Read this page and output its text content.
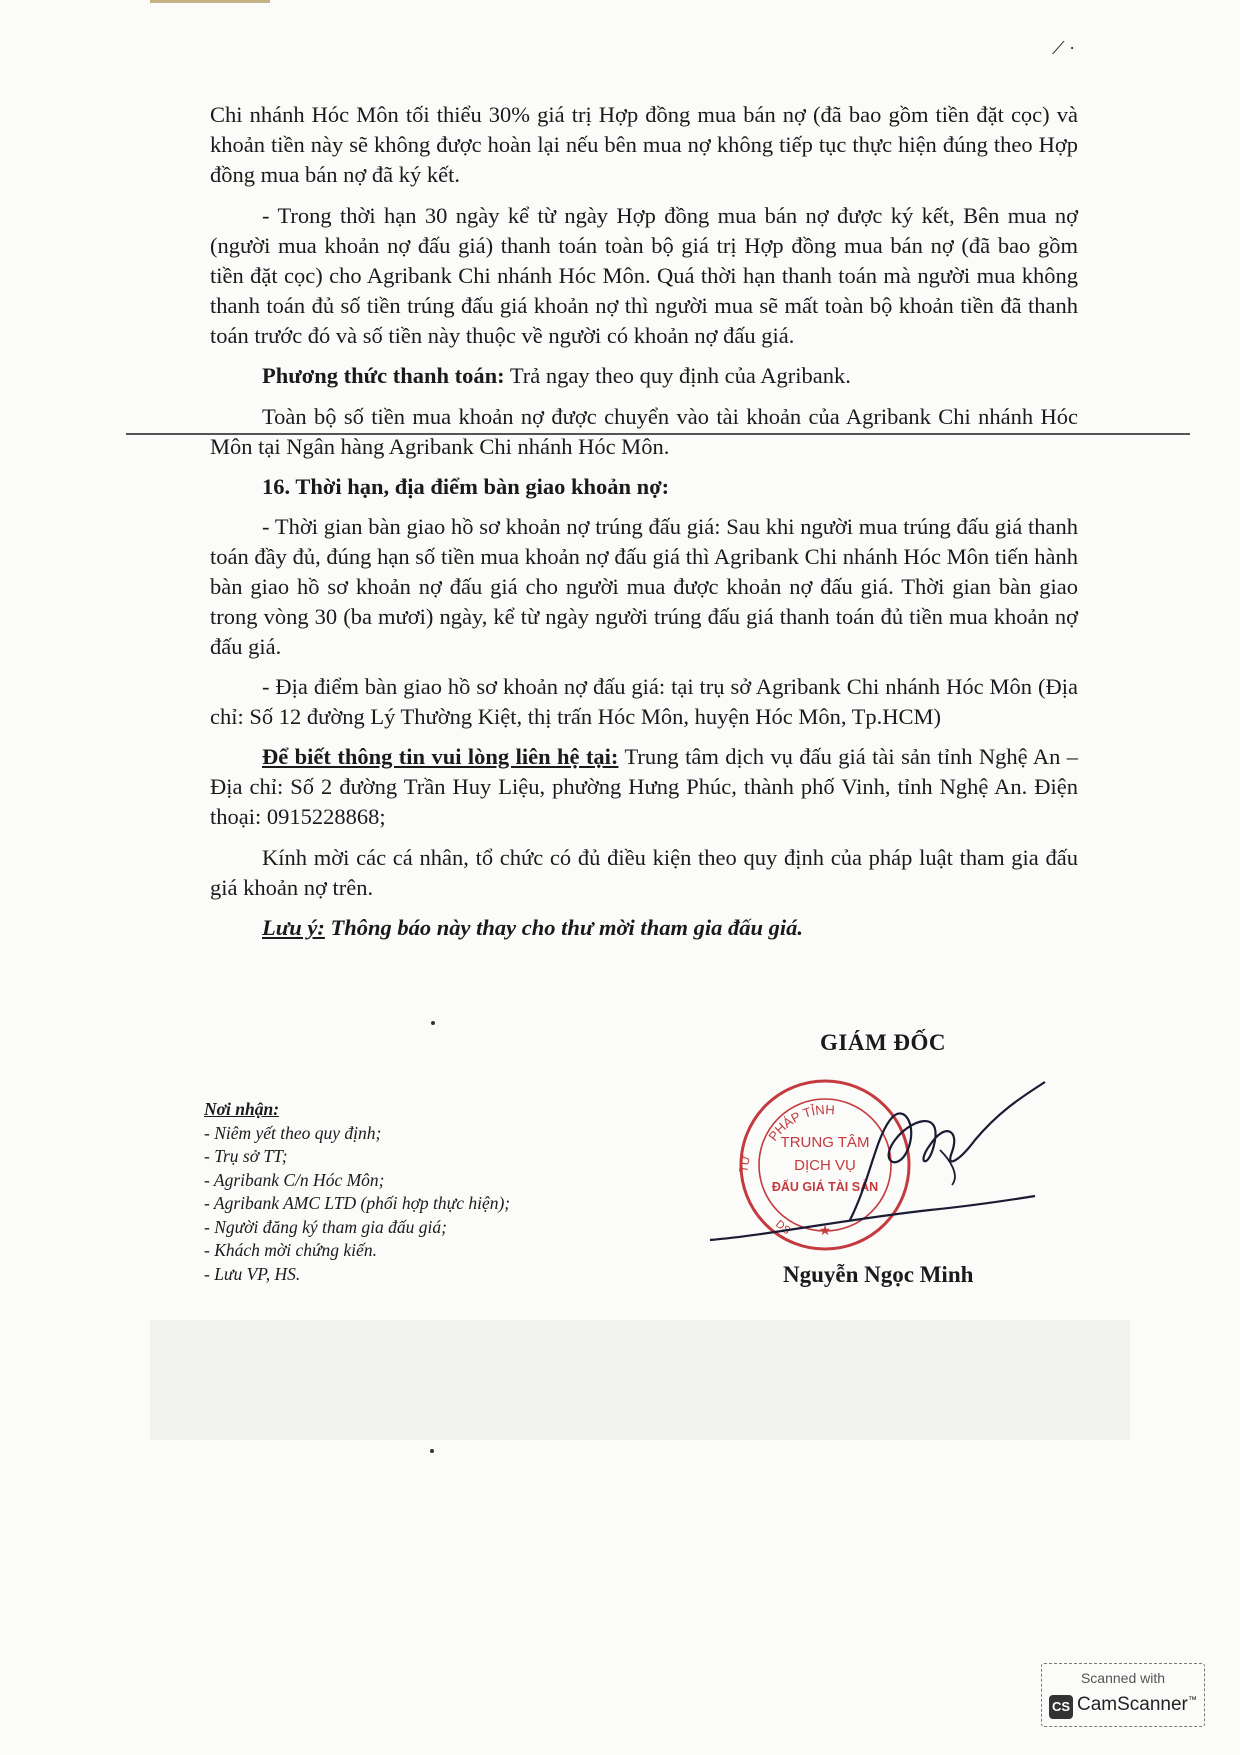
⟋ ·

Chi nhánh Hóc Môn tối thiểu 30% giá trị Hợp đồng mua bán nợ (đã bao gồm tiền đặt cọc) và khoản tiền này sẽ không được hoàn lại nếu bên mua nợ không tiếp tục thực hiện đúng theo Hợp đồng mua bán nợ đã ký kết.

- Trong thời hạn 30 ngày kể từ ngày Hợp đồng mua bán nợ được ký kết, Bên mua nợ (người mua khoản nợ đấu giá) thanh toán toàn bộ giá trị Hợp đồng mua bán nợ (đã bao gồm tiền đặt cọc) cho Agribank Chi nhánh Hóc Môn. Quá thời hạn thanh toán mà người mua không thanh toán đủ số tiền trúng đấu giá khoản nợ thì người mua sẽ mất toàn bộ khoản tiền đã thanh toán trước đó và số tiền này thuộc về người có khoản nợ đấu giá.

Phương thức thanh toán: Trả ngay theo quy định của Agribank.

Toàn bộ số tiền mua khoản nợ được chuyển vào tài khoản của Agribank Chi nhánh Hóc Môn tại Ngân hàng Agribank Chi nhánh Hóc Môn.

16. Thời hạn, địa điểm bàn giao khoản nợ:

- Thời gian bàn giao hồ sơ khoản nợ trúng đấu giá: Sau khi người mua trúng đấu giá thanh toán đầy đủ, đúng hạn số tiền mua khoản nợ đấu giá thì Agribank Chi nhánh Hóc Môn tiến hành bàn giao hồ sơ khoản nợ đấu giá cho người mua được khoản nợ đấu giá. Thời gian bàn giao trong vòng 30 (ba mươi) ngày, kể từ ngày người trúng đấu giá thanh toán đủ tiền mua khoản nợ đấu giá.

- Địa điểm bàn giao hồ sơ khoản nợ đấu giá: tại trụ sở Agribank Chi nhánh Hóc Môn (Địa chỉ: Số 12 đường Lý Thường Kiệt, thị trấn Hóc Môn, huyện Hóc Môn, Tp.HCM)

Để biết thông tin vui lòng liên hệ tại: Trung tâm dịch vụ đấu giá tài sản tỉnh Nghệ An – Địa chỉ: Số 2 đường Trần Huy Liệu, phường Hưng Phúc, thành phố Vinh, tỉnh Nghệ An. Điện thoại: 0915228868;

Kính mời các cá nhân, tổ chức có đủ điều kiện theo quy định của pháp luật tham gia đấu giá khoản nợ trên.

Lưu ý: Thông báo này thay cho thư mời tham gia đấu giá.

GIÁM ĐỐC
Nơi nhận:
- Niêm yết theo quy định;
- Trụ sở TT;
- Agribank C/n Hóc Môn;
- Agribank AMC LTD (phối hợp thực hiện);
- Người đăng ký tham gia đấu giá;
- Khách mời chứng kiến.
- Lưu VP, HS.
PHÁP TỈNH
TƯ
TRUNG TÂM
DỊCH VỤ
ĐẤU GIÁ TÀI SẢN
DS ★
Nguyễn Ngọc Minh
Scanned with
CS CamScanner™
